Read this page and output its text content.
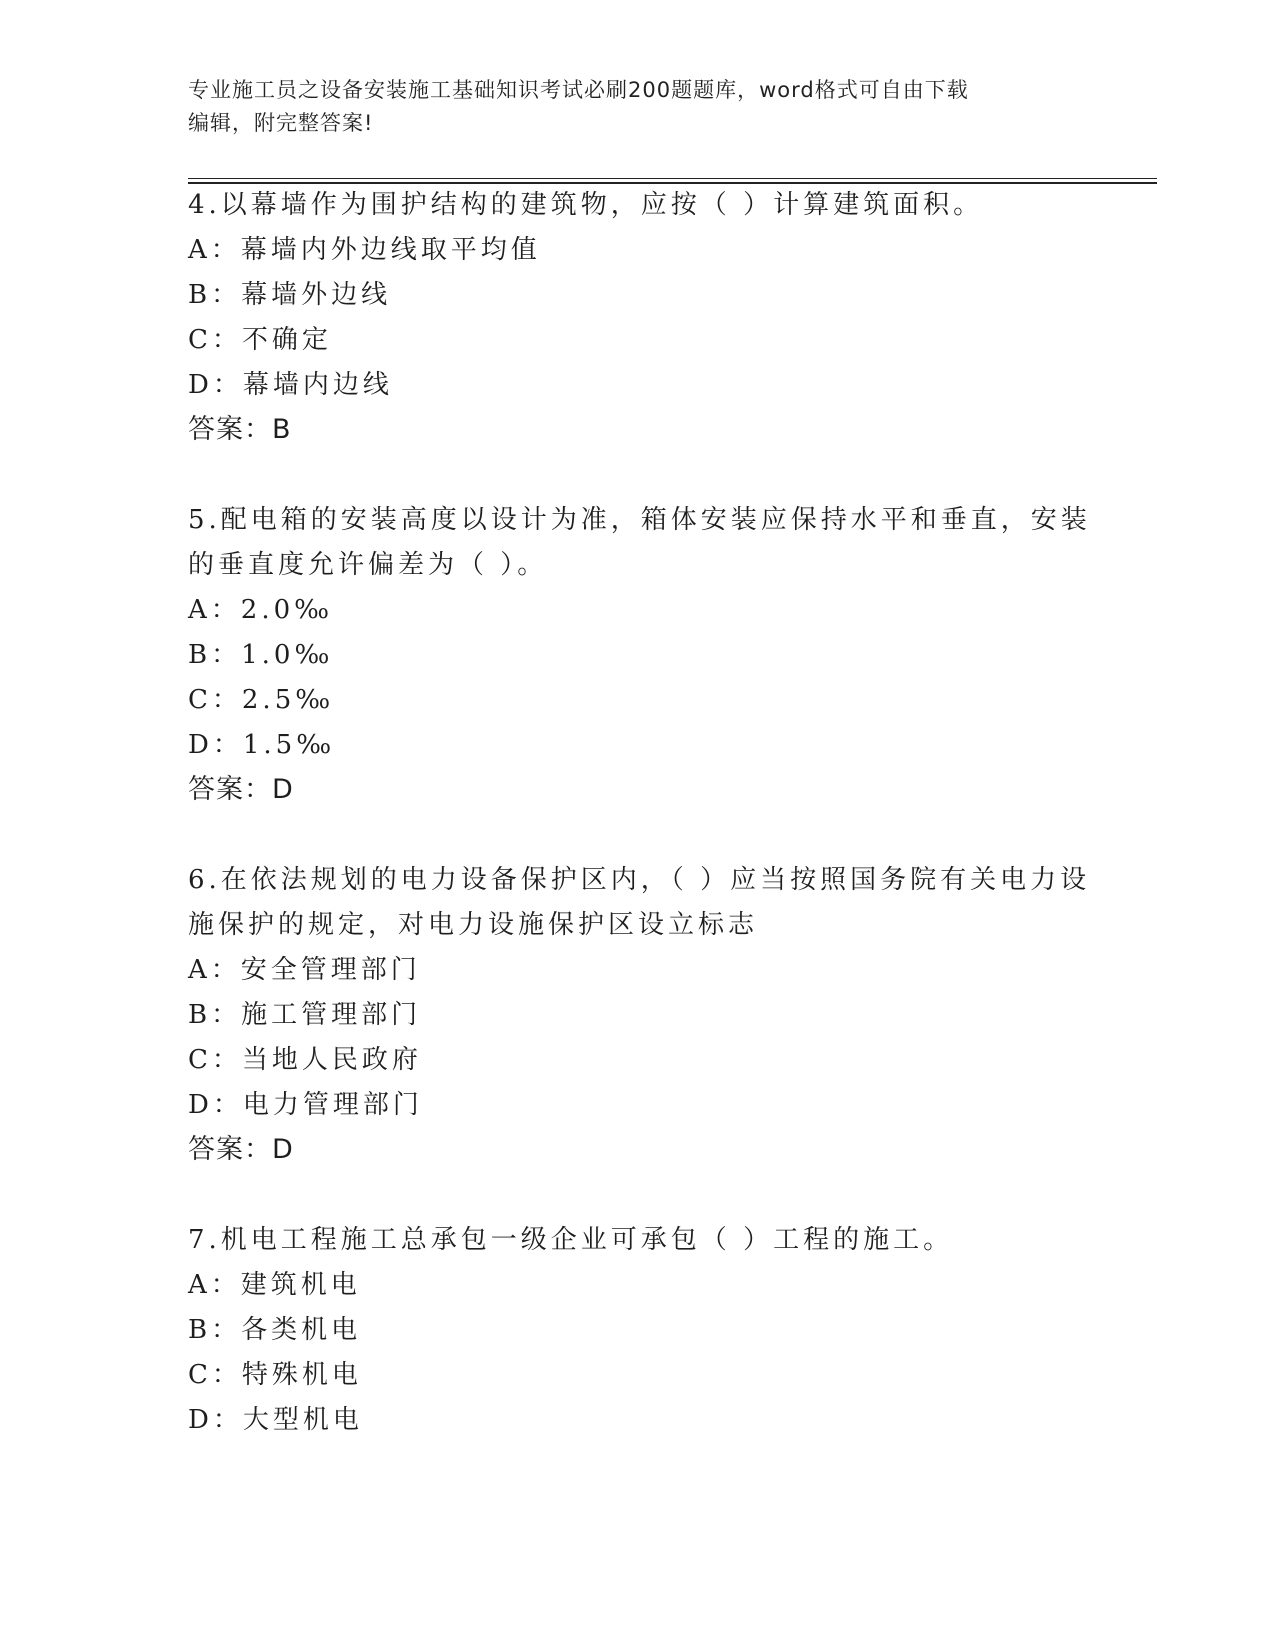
专业施工员之设备安装施工基础知识考试必刷200题题库，word格式可自由下载
编辑，附完整答案!
4.以幕墙作为围护结构的建筑物，应按（ ）计算建筑面积。
A：幕墙内外边线取平均值
B：幕墙外边线
C：不确定
D：幕墙内边线
答案：B
5.配电箱的安装高度以设计为准，箱体安装应保持水平和垂直，安装
的垂直度允许偏差为（ ）。
A：2.0‰
B：1.0‰
C：2.5‰
D：1.5‰
答案：D
6.在依法规划的电力设备保护区内，（ ）应当按照国务院有关电力设
施保护的规定，对电力设施保护区设立标志
A：安全管理部门
B：施工管理部门
C：当地人民政府
D：电力管理部门
答案：D
7.机电工程施工总承包一级企业可承包（ ）工程的施工。
A：建筑机电
B：各类机电
C：特殊机电
D：大型机电
